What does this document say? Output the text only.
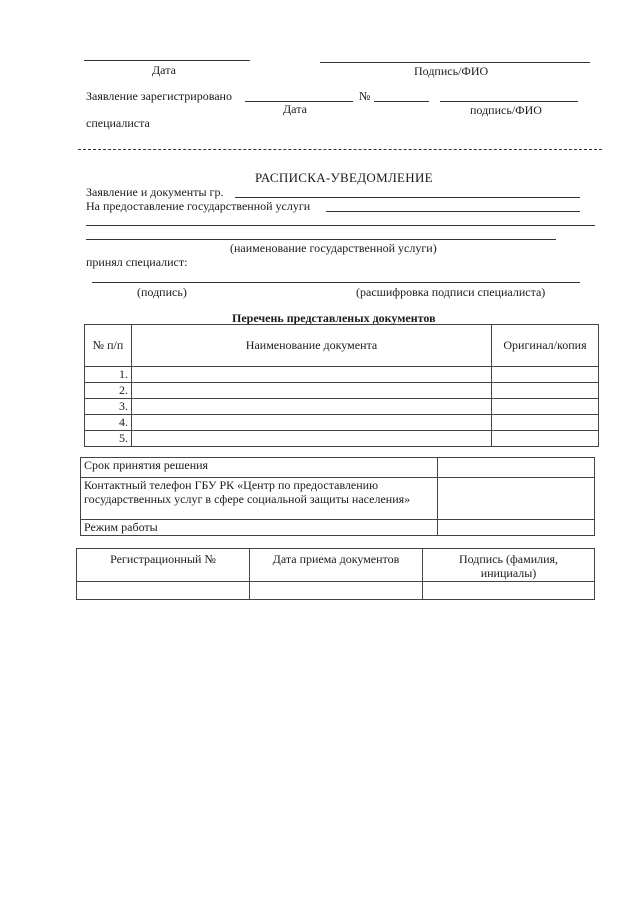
Дата	Подпись/ФИО
Заявление зарегистрировано	№
Дата	подпись/ФИО
специалиста
РАСПИСКА-УВЕДОМЛЕНИЕ
Заявление и документы гр.
На предоставление государственной услуги
(наименование государственной услуги)
принял специалист:
(подпись)	(расшифровка подписи специалиста)
Перечень представленых документов
№ п/п	Наименование документа	Оригинал/копия
1.		
2.		
3.		
4.		
5.		
Срок принятия решения	
Контактный телефон ГБУ РК «Центр по предоставлению государственных услуг в сфере социальной защиты населения»	
Режим работы	
Регистрационный №	Дата приема документов	Подпись (фамилия, инициалы)
